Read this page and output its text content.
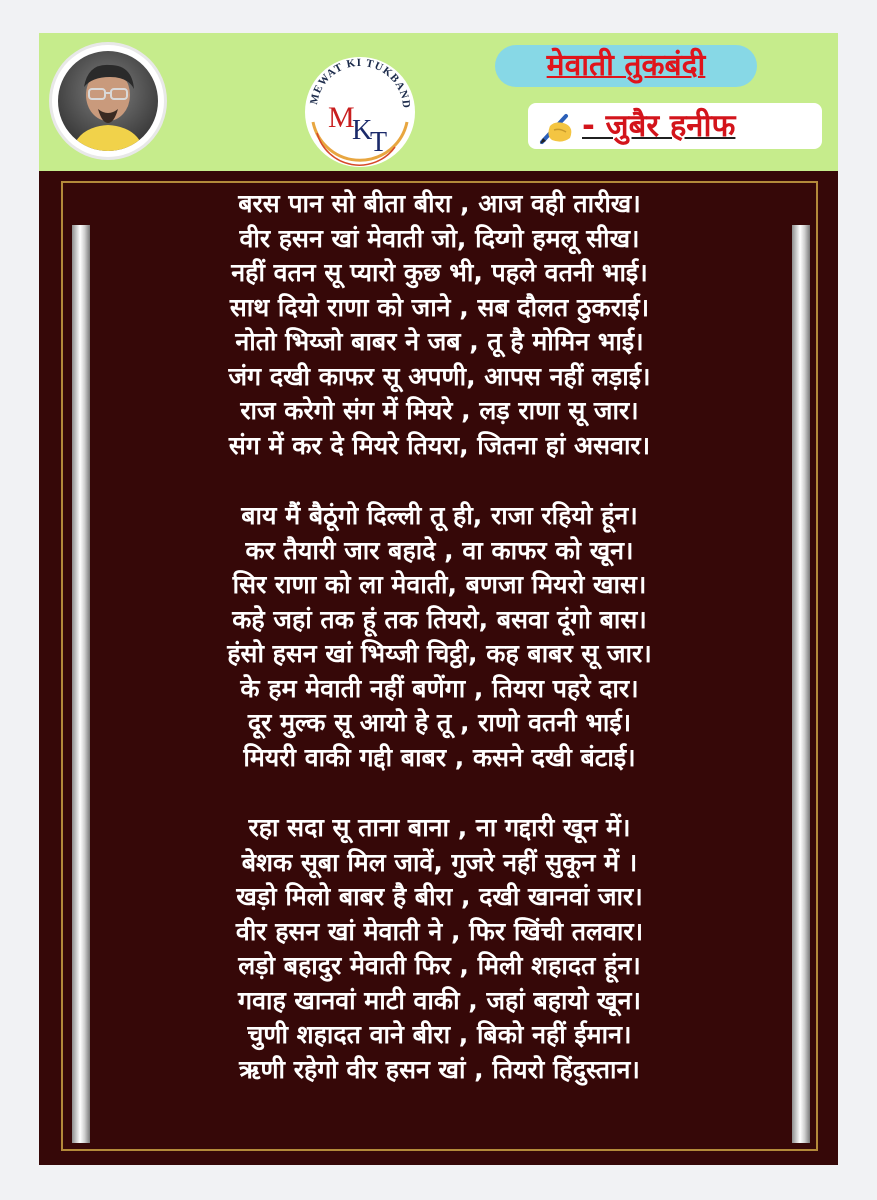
MEWAT KI TUKBAND
M
K
T
मेवाती तुकबंदी
- जुबैर हनीफ
बरस पान सो बीता बीरा , आज वही तारीख।
वीर हसन खां मेवाती जो, दिय्गो हमलू सीख।
नहीं वतन सू प्यारो कुछ भी, पहले वतनी भाई।
साथ दियो राणा को जाने , सब दौलत ठुकराई।
नोतो भिय्जो बाबर ने जब , तू है मोमिन भाई।
जंग दखी काफर सू अपणी, आपस नहीं लड़ाई।
राज करेगो संग में मियरे , लड़ राणा सू जार।
संग में कर दे मियरे तियरा, जितना हां असवार।
बाय मैं बैठूंगो दिल्ली तू ही, राजा रहियो हूंन।
कर तैयारी जार बहादे , वा काफर को खून।
सिर राणा को ला मेवाती, बणजा मियरो खास।
कहे जहां तक हूं तक तियरो, बसवा दूंगो बास।
हंसो हसन खां भिय्जी चिट्ठी, कह बाबर सू जार।
के हम मेवाती नहीं बणेंगा , तियरा पहरे दार।
दूर मुल्क सू आयो हे तू , राणो वतनी भाई।
मियरी वाकी गद्दी बाबर , कसने दखी बंटाई।
रहा सदा सू ताना बाना , ना गद्दारी खून में।
बेशक सूबा मिल जावें, गुजरे नहीं सुकून में ।
खड़ो मिलो बाबर है बीरा , दखी खानवां जार।
वीर हसन खां मेवाती ने , फिर खिंची तलवार।
लड़ो बहादुर मेवाती फिर , मिली शहादत हूंन।
गवाह खानवां माटी वाकी , जहां बहायो खून।
चुणी शहादत वाने बीरा , बिको नहीं ईमान।
ऋणी रहेगो वीर हसन खां , तियरो हिंदुस्तान।
